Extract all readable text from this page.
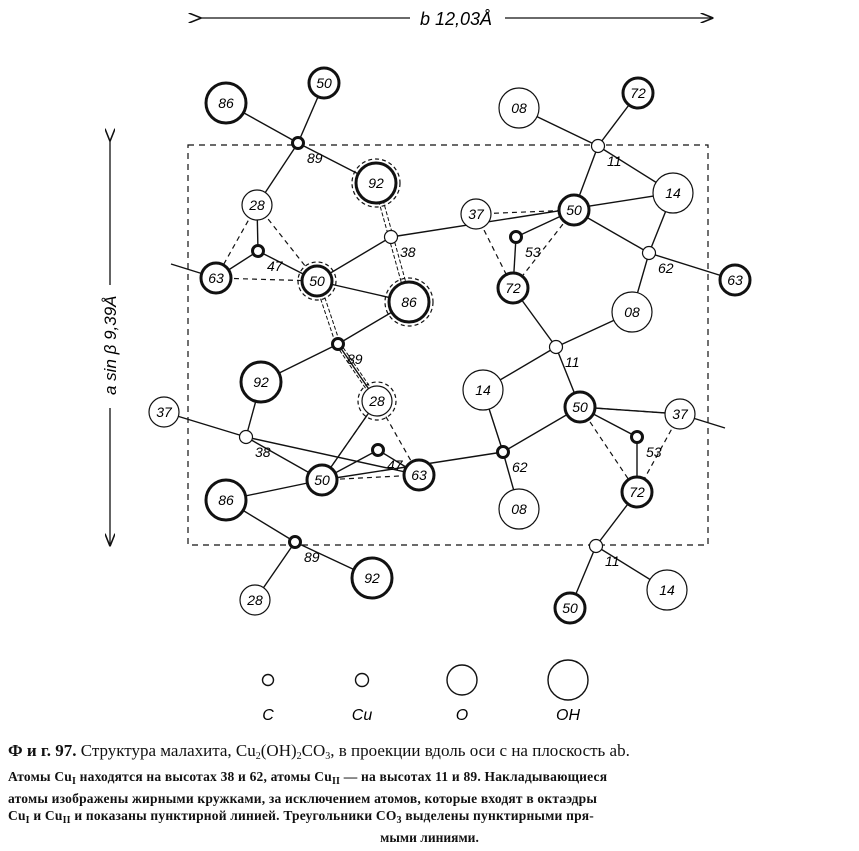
b 12,03Å
a sin β 9,39Å
86
50
89
92
28
38
47
63	50
86
89
08
72
11
14
37	50
53
62
63
72
08
11
92
37
28
38
47
50	63
86
89
28
92
14
50	37
53
62
72
08
11
14
50
C	Cu	O	OH
Ф и г. 97. Структура малахита, $Cu_2(OH)_2CO_3$, в проекции вдоль оси c на плоскость ab.
Атомы $Cu_I$ находятся на высотах 38 и 62, атомы $Cu_{II}$ — на высотах 11 и 89. Накладывающиеся
атомы изображены жирными кружками, за исключением атомов, которые входят в октаэдры
$Cu_I$ и $Cu_{II}$ и показаны пунктирной линией. Треугольники $CO_3$ выделены пунктирными пря-
мыми линиями.
